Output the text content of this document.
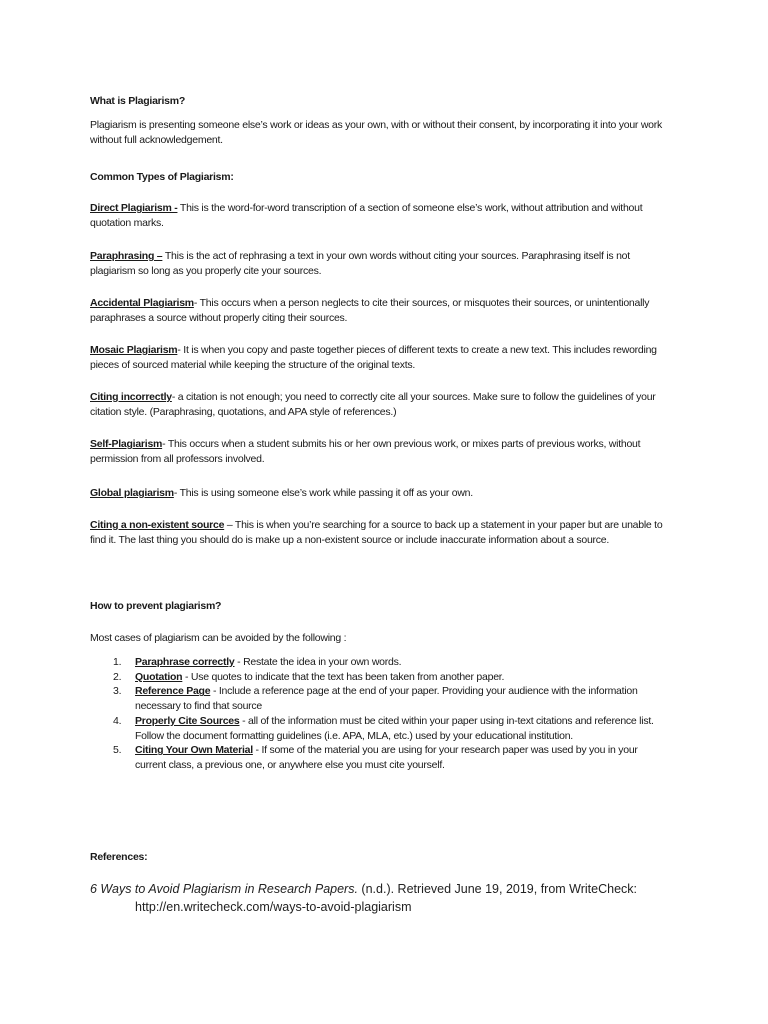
What is Plagiarism?

Plagiarism is presenting someone else’s work or ideas as your own, with or without their consent, by incorporating it into your work without full acknowledgement.

Common Types of Plagiarism:

Direct Plagiarism - This is the word-for-word transcription of a section of someone else’s work, without attribution and without quotation marks.

Paraphrasing – This is the act of rephrasing a text in your own words without citing your sources. Paraphrasing itself is not plagiarism so long as you properly cite your sources.

Accidental Plagiarism- This occurs when a person neglects to cite their sources, or misquotes their sources, or unintentionally paraphrases a source without properly citing their sources.

Mosaic Plagiarism- It is when you copy and paste together pieces of different texts to create a new text. This includes rewording pieces of sourced material while keeping the structure of the original texts.

Citing incorrectly- a citation is not enough; you need to correctly cite all your sources. Make sure to follow the guidelines of your citation style. (Paraphrasing, quotations, and APA style of references.)

Self-Plagiarism- This occurs when a student submits his or her own previous work, or mixes parts of previous works, without permission from all professors involved.

Global plagiarism- This is using someone else’s work while passing it off as your own.

Citing a non-existent source – This is when you’re searching for a source to back up a statement in your paper but are unable to find it. The last thing you should do is make up a non-existent source or include inaccurate information about a source.

How to prevent plagiarism?

Most cases of plagiarism can be avoided by the following :

1. Paraphrase correctly - Restate the idea in your own words.
2. Quotation - Use quotes to indicate that the text has been taken from another paper.
3. Reference Page - Include a reference page at the end of your paper. Providing your audience with the information necessary to find that source
4. Properly Cite Sources - all of the information must be cited within your paper using in-text citations and reference list. Follow the document formatting guidelines (i.e. APA, MLA, etc.) used by your educational institution.
5. Citing Your Own Material - If some of the material you are using for your research paper was used by you in your current class, a previous one, or anywhere else you must cite yourself.

References:

6 Ways to Avoid Plagiarism in Research Papers. (n.d.). Retrieved June 19, 2019, from WriteCheck:
http://en.writecheck.com/ways-to-avoid-plagiarism
